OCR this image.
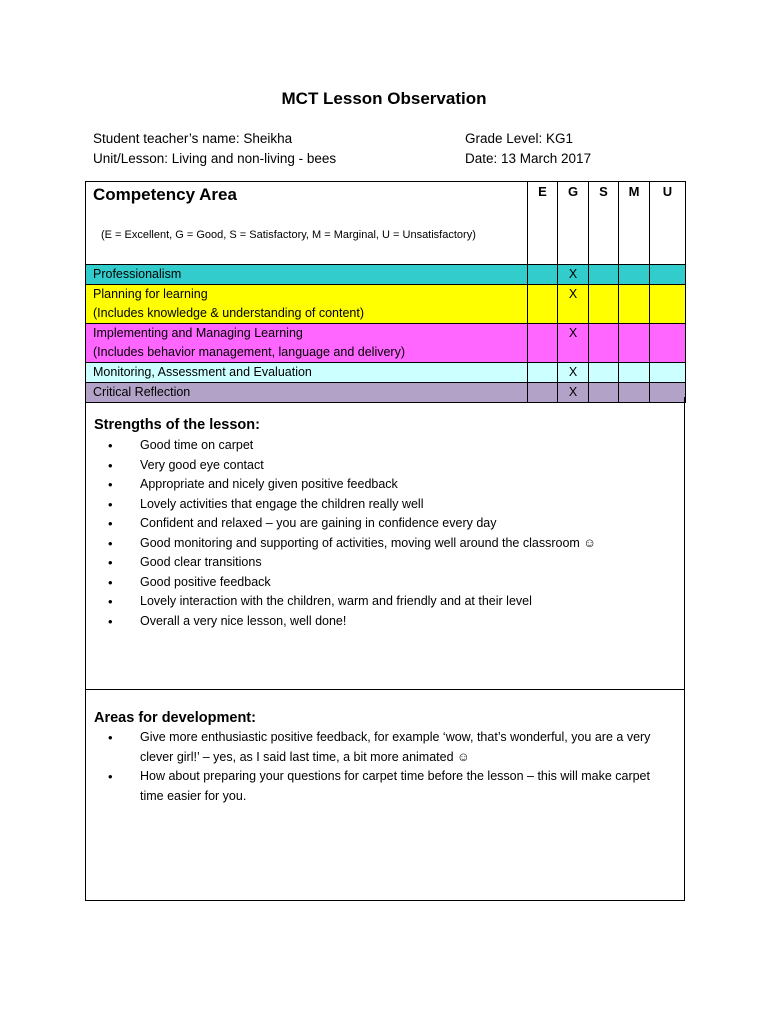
MCT Lesson Observation
Student teacher’s name: Sheikha
Unit/Lesson: Living and non-living - bees
Grade Level: KG1
Date: 13 March 2017
Competency Area
(E = Excellent, G = Good, S = Satisfactory, M = Marginal, U = Unsatisfactory)	E	G	S	M	U

Professionalism		X			

Planning for learning
(Includes knowledge & understanding of content)		X			

Implementing and Managing Learning
(Includes behavior management, language and delivery)		X			

Monitoring, Assessment and Evaluation		X			

Critical Reflection		X			
Strengths of the lesson:
• Good time on carpet
• Very good eye contact
• Appropriate and nicely given positive feedback
• Lovely activities that engage the children really well
• Confident and relaxed – you are gaining in confidence every day
• Good monitoring and supporting of activities, moving well around the classroom ☺
• Good clear transitions
• Good positive feedback
• Lovely interaction with the children, warm and friendly and at their level
• Overall a very nice lesson, well done!
Areas for development:
• Give more enthusiastic positive feedback, for example ‘wow, that’s wonderful, you are a very clever girl!’ – yes, as I said last time, a bit more animated ☺
• How about preparing your questions for carpet time before the lesson – this will make carpet time easier for you.
